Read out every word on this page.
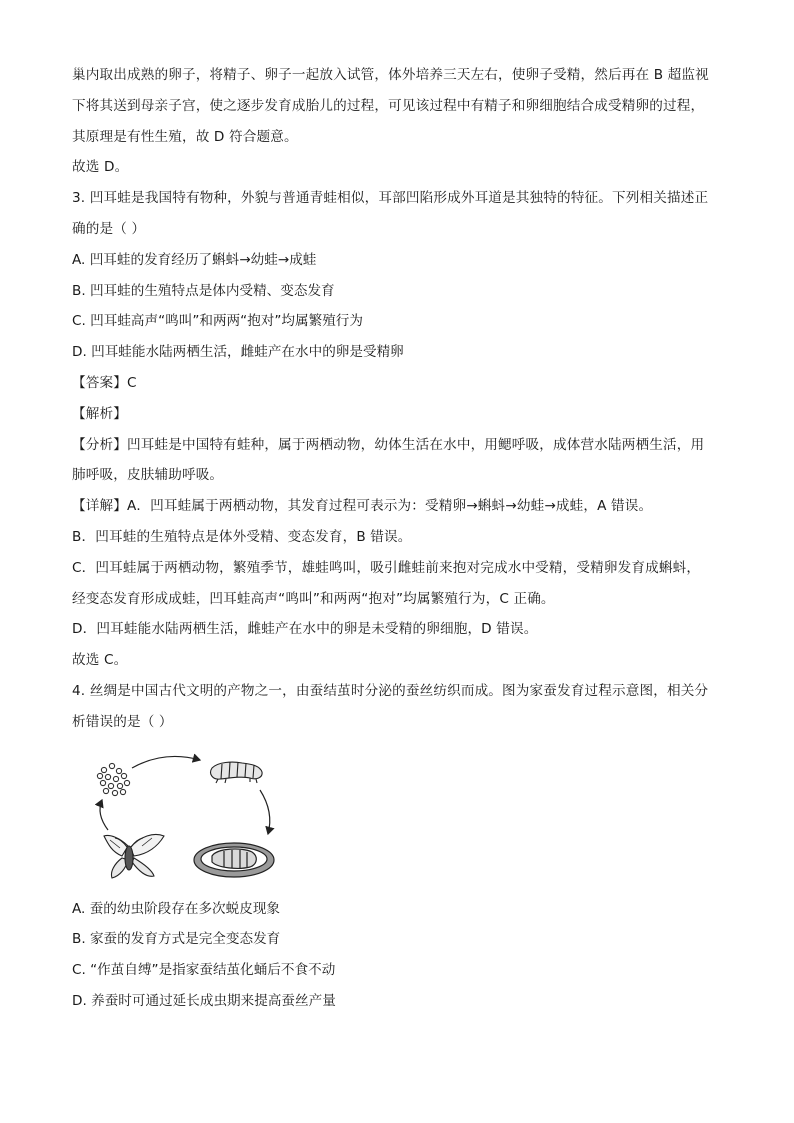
巢内取出成熟的卵子，将精子、卵子一起放入试管，体外培养三天左右，使卵子受精，然后再在 B 超监视
下将其送到母亲子宫，使之逐步发育成胎儿的过程，可见该过程中有精子和卵细胞结合成受精卵的过程，
其原理是有性生殖，故 D 符合题意。
故选 D。
3. 凹耳蛙是我国特有物种，外貌与普通青蛙相似，耳部凹陷形成外耳道是其独特的特征。下列相关描述正
确的是（ ）
A. 凹耳蛙的发育经历了蝌蚪→幼蛙→成蛙
B. 凹耳蛙的生殖特点是体内受精、变态发育
C. 凹耳蛙高声“鸣叫”和两两“抱对”均属繁殖行为
D. 凹耳蛙能水陆两栖生活，雌蛙产在水中的卵是受精卵
【答案】C
【解析】
【分析】凹耳蛙是中国特有蛙种，属于两栖动物，幼体生活在水中，用鳃呼吸，成体营水陆两栖生活，用
肺呼吸，皮肤辅助呼吸。
【详解】A．凹耳蛙属于两栖动物，其发育过程可表示为：受精卵→蝌蚪→幼蛙→成蛙，A 错误。
B．凹耳蛙的生殖特点是体外受精、变态发育，B 错误。
C．凹耳蛙属于两栖动物，繁殖季节，雄蛙鸣叫，吸引雌蛙前来抱对完成水中受精，受精卵发育成蝌蚪，
经变态发育形成成蛙，凹耳蛙高声“鸣叫”和两两“抱对”均属繁殖行为，C 正确。
D．凹耳蛙能水陆两栖生活，雌蛙产在水中的卵是未受精的卵细胞，D 错误。
故选 C。
4. 丝绸是中国古代文明的产物之一，由蚕结茧时分泌的蚕丝纺织而成。图为家蚕发育过程示意图，相关分
析错误的是（ ）
A. 蚕的幼虫阶段存在多次蜕皮现象
B. 家蚕的发育方式是完全变态发育
C. “作茧自缚”是指家蚕结茧化蛹后不食不动
D. 养蚕时可通过延长成虫期来提高蚕丝产量
